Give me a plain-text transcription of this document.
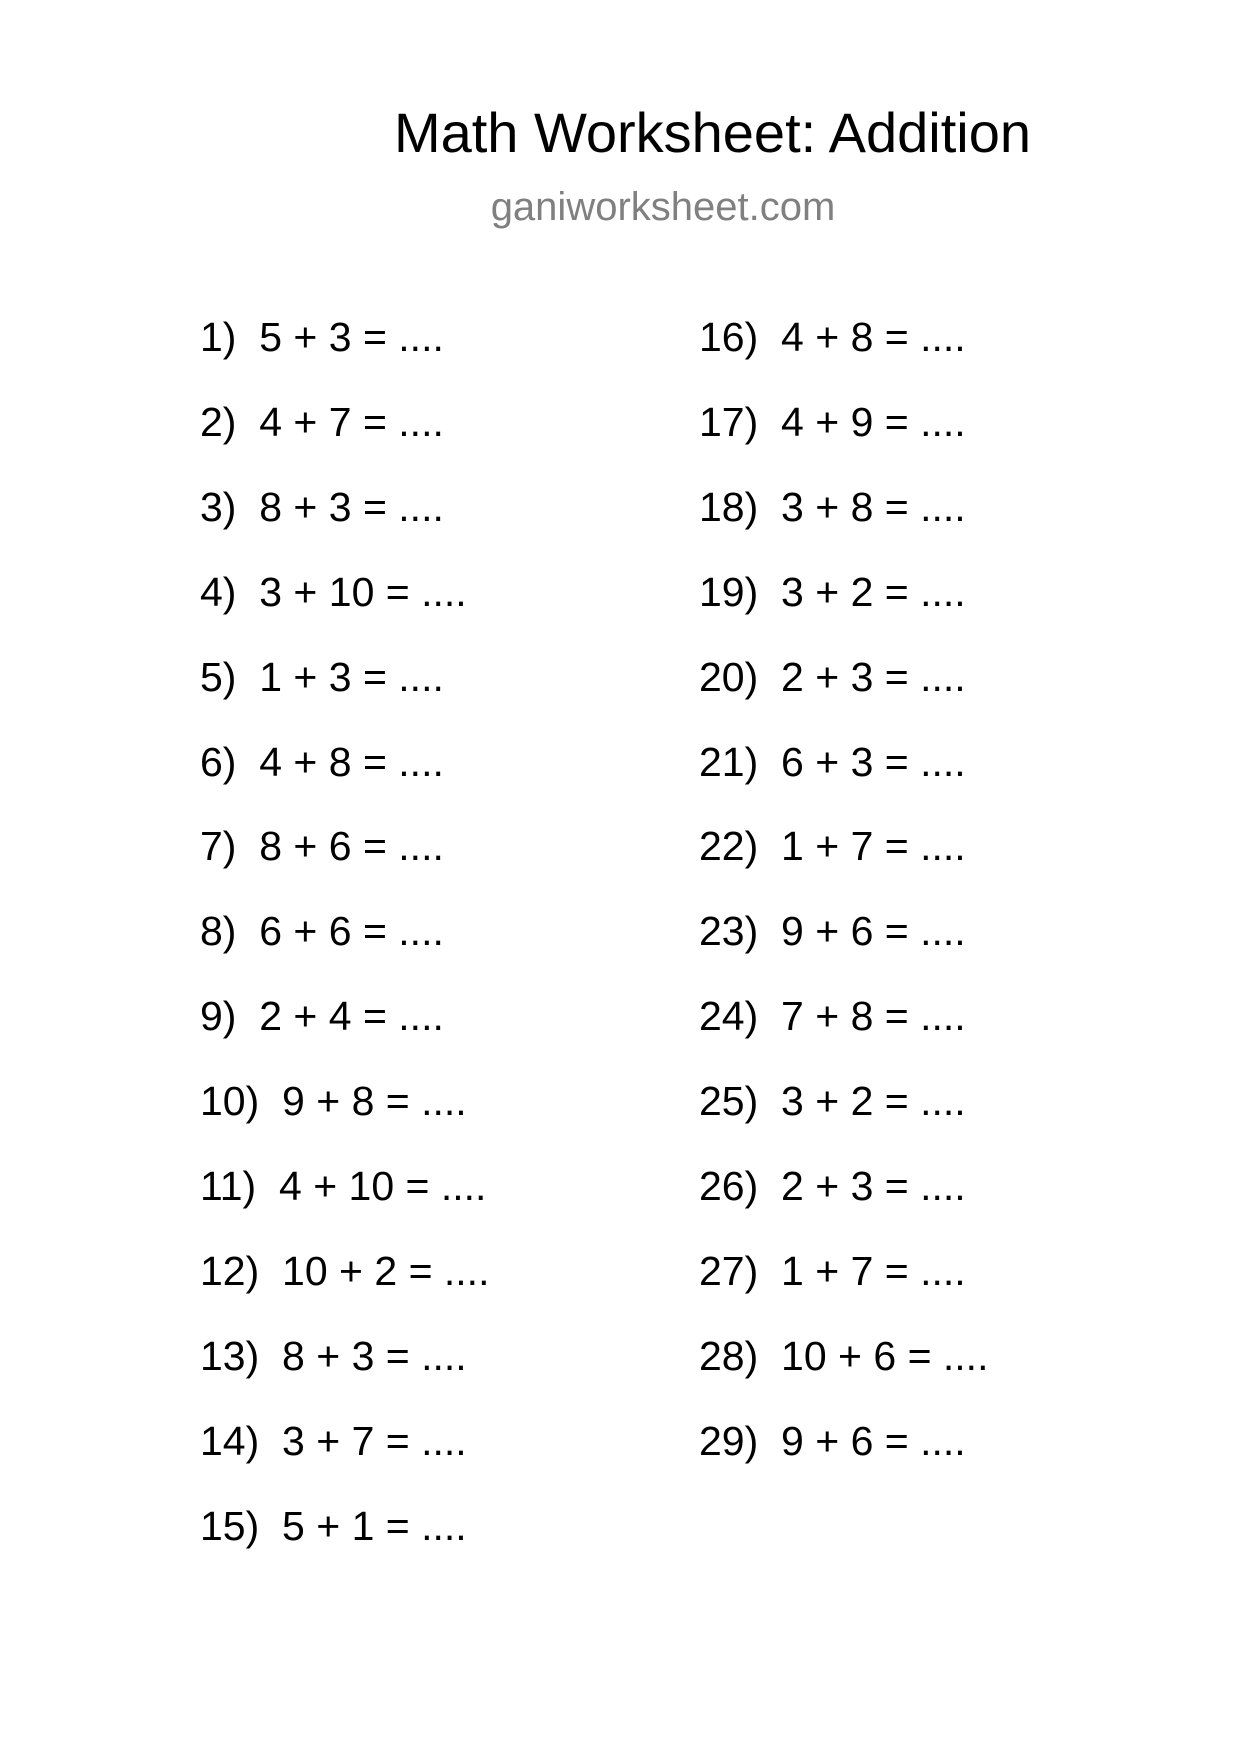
Math Worksheet: Addition
ganiworksheet.com
1)  5 + 3 = ....
2)  4 + 7 = ....
3)  8 + 3 = ....
4)  3 + 10 = ....
5)  1 + 3 = ....
6)  4 + 8 = ....
7)  8 + 6 = ....
8)  6 + 6 = ....
9)  2 + 4 = ....
10)  9 + 8 = ....
11)  4 + 10 = ....
12)  10 + 2 = ....
13)  8 + 3 = ....
14)  3 + 7 = ....
15)  5 + 1 = ....
16)  4 + 8 = ....
17)  4 + 9 = ....
18)  3 + 8 = ....
19)  3 + 2 = ....
20)  2 + 3 = ....
21)  6 + 3 = ....
22)  1 + 7 = ....
23)  9 + 6 = ....
24)  7 + 8 = ....
25)  3 + 2 = ....
26)  2 + 3 = ....
27)  1 + 7 = ....
28)  10 + 6 = ....
29)  9 + 6 = ....
